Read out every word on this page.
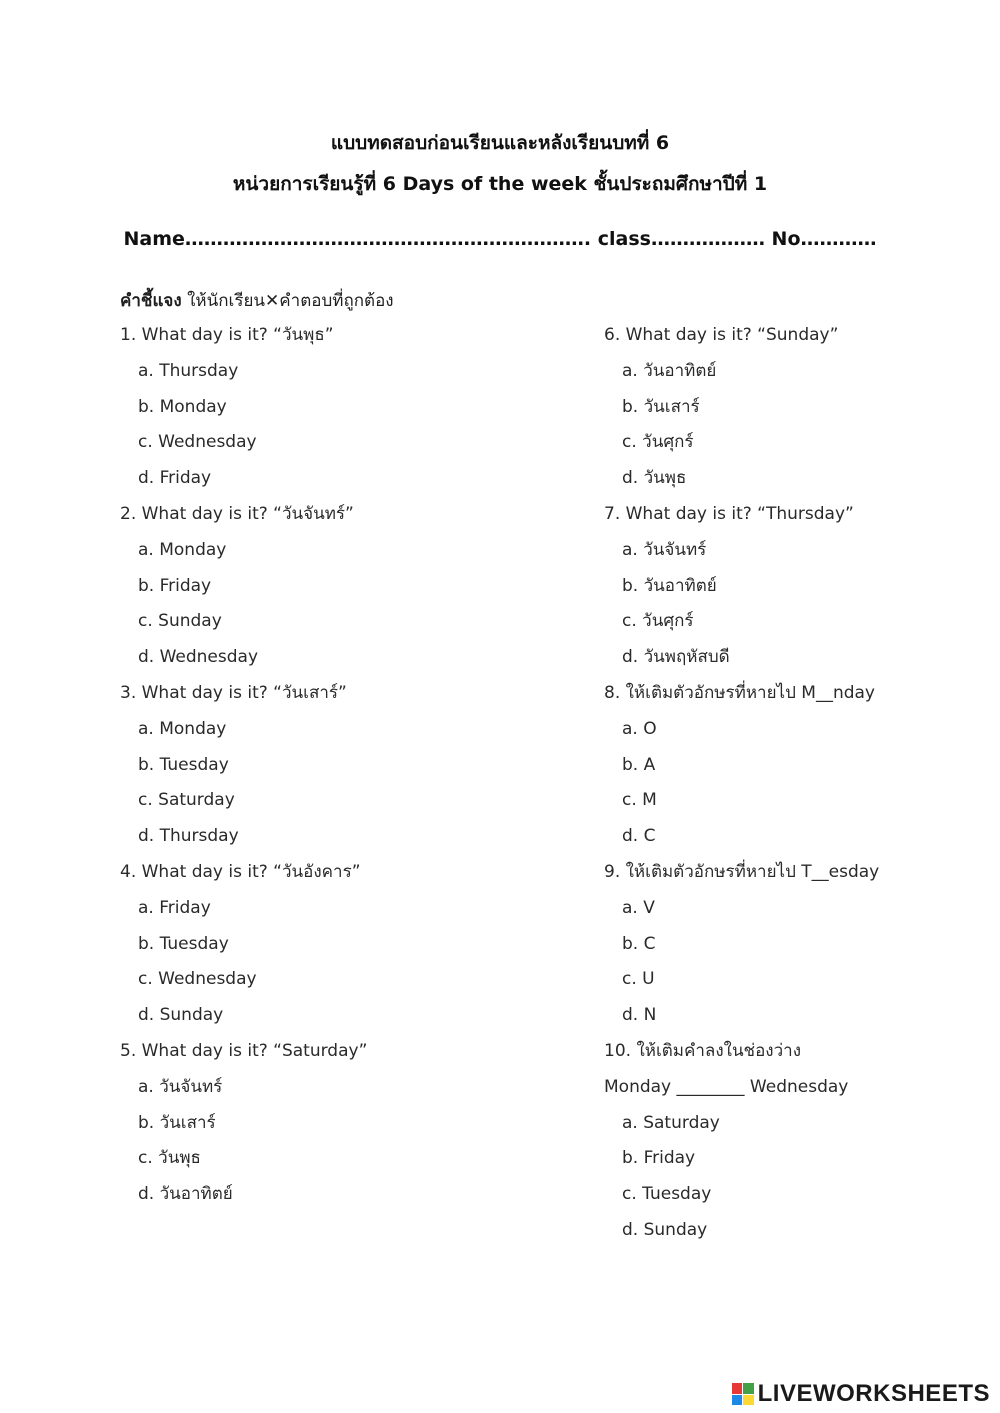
แบบทดสอบก่อนเรียนและหลังเรียนบทที่ 6
หน่วยการเรียนรู้ที่ 6 Days of the week ชั้นประถมศึกษาปีที่ 1
Name………………………………………………………. class……………… No…………
คำชี้แจง ให้นักเรียน✕คำตอบที่ถูกต้อง
1. What day is it? “วันพุธ”
a. Thursday
b. Monday
c. Wednesday
d. Friday
2. What day is it? “วันจันทร์”
a. Monday
b. Friday
c. Sunday
d. Wednesday
3. What day is it? “วันเสาร์”
a. Monday
b. Tuesday
c. Saturday
d. Thursday
4. What day is it? “วันอังคาร”
a. Friday
b. Tuesday
c. Wednesday
d. Sunday
5. What day is it? “Saturday”
a. วันจันทร์
b. วันเสาร์
c. วันพุธ
d. วันอาทิตย์
6. What day is it? “Sunday”
a. วันอาทิตย์
b. วันเสาร์
c. วันศุกร์
d. วันพุธ
7. What day is it? “Thursday”
a. วันจันทร์
b. วันอาทิตย์
c. วันศุกร์
d. วันพฤหัสบดี
8. ให้เติมตัวอักษรที่หายไป M__nday
a. O
b. A
c. M
d. C
9. ให้เติมตัวอักษรที่หายไป T__esday
a. V
b. C
c. U
d. N
10. ให้เติมคำลงในช่องว่าง
Monday ________ Wednesday
a. Saturday
b. Friday
c. Tuesday
d. Sunday
LIVEWORKSHEETS
